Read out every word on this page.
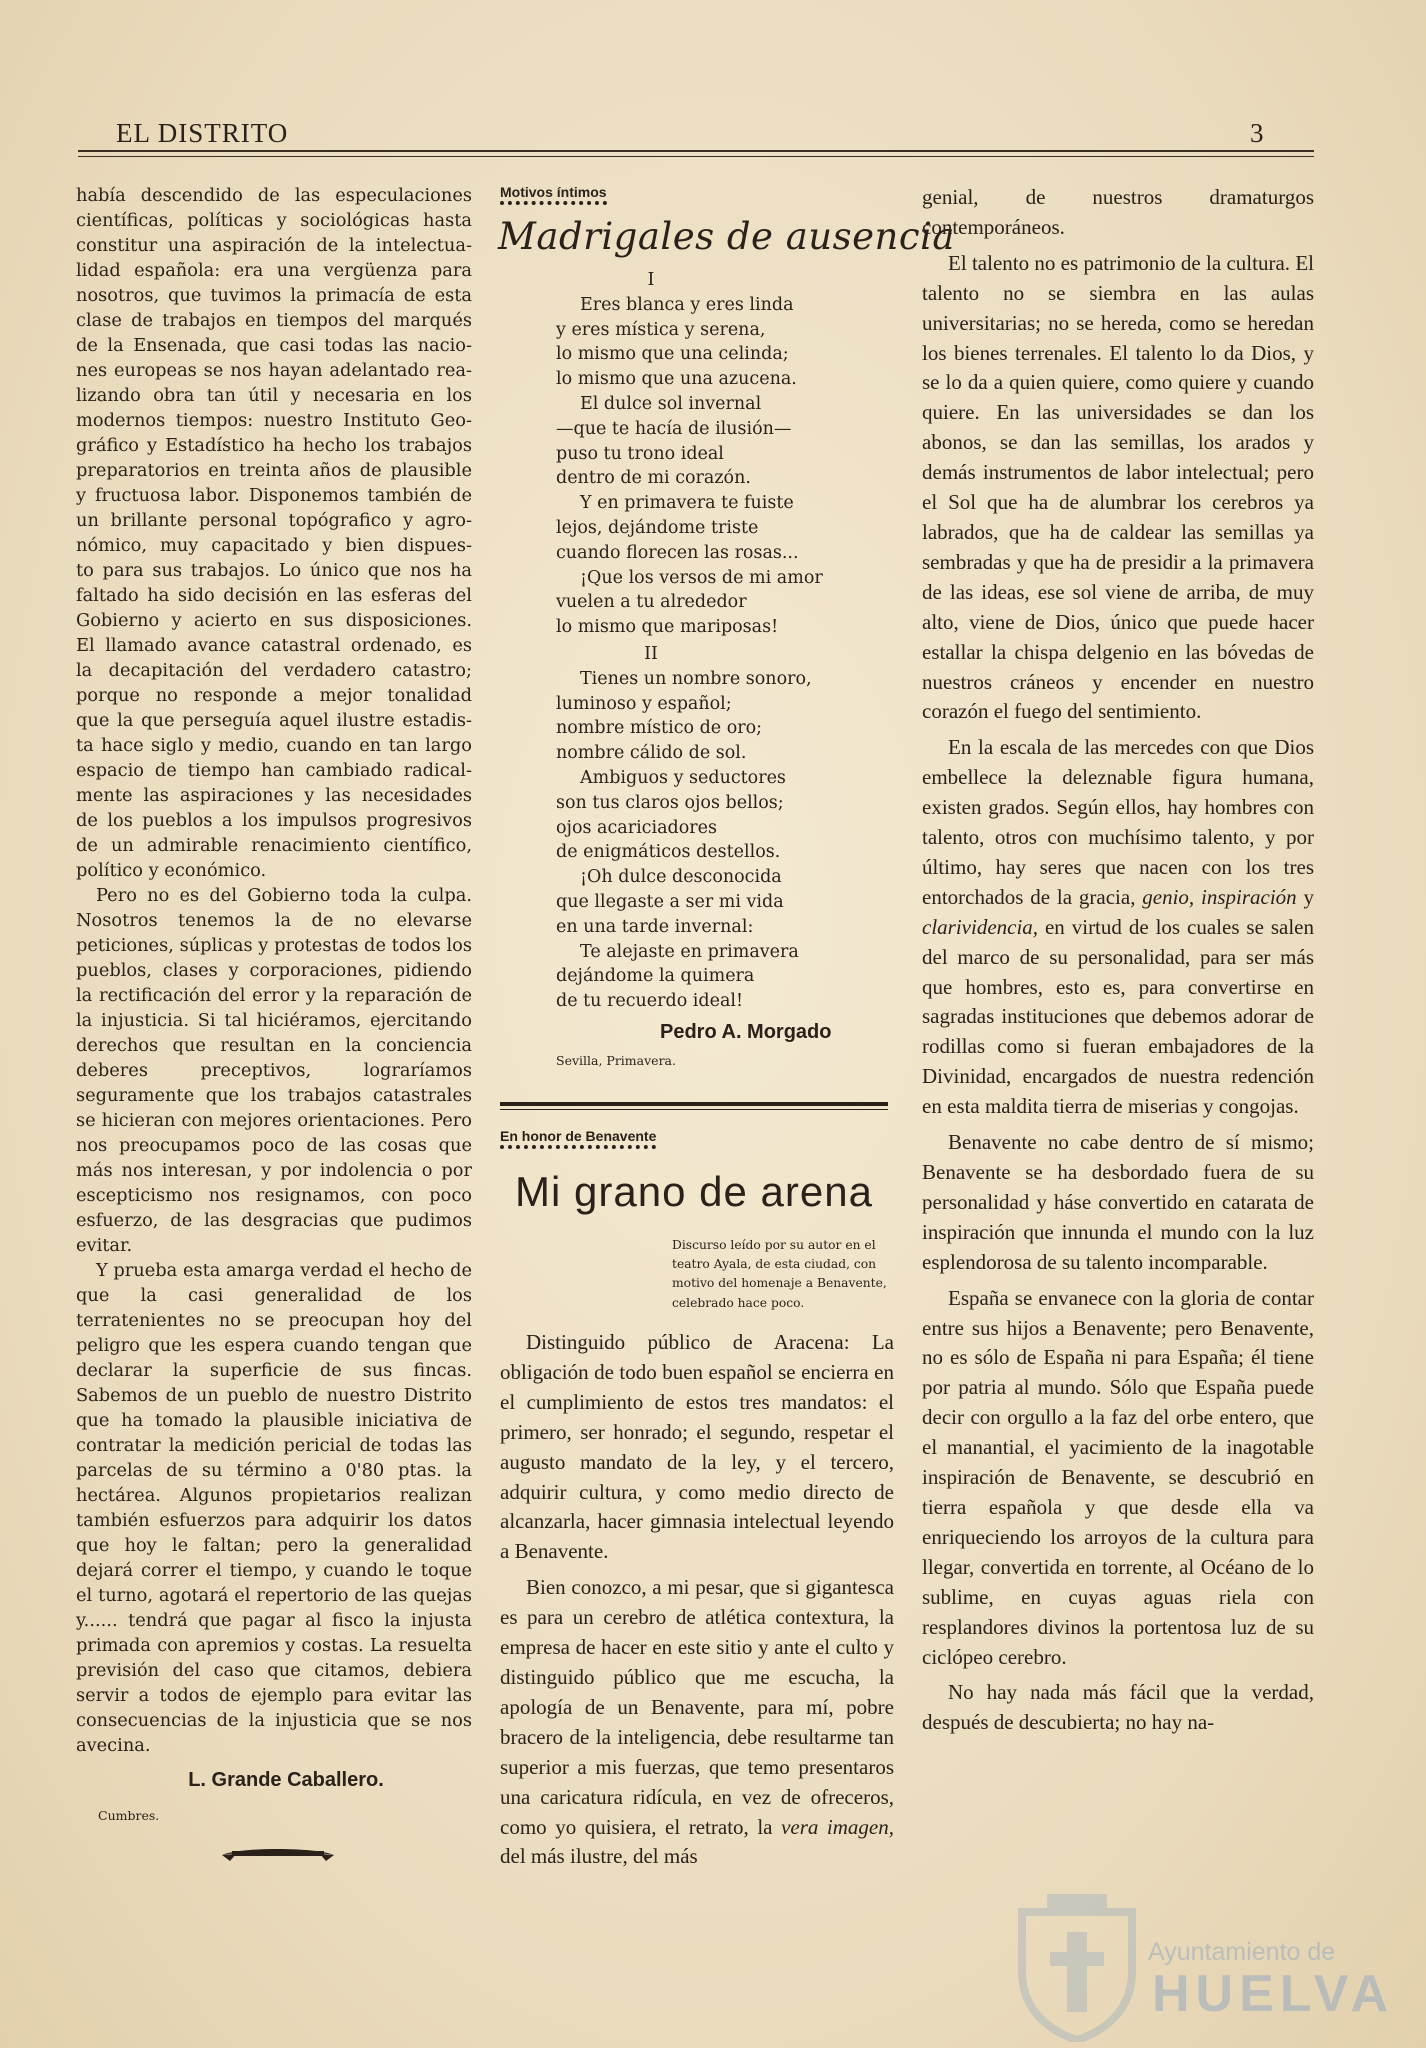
EL DISTRITO	3
había descendido de las especulaciones
científicas, políticas y sociológicas hasta
constitur una aspiración de la intelectua-
lidad española: era una vergüenza para
nosotros, que tuvimos la primacía de esta
clase de trabajos en tiempos del marqués
de la Ensenada, que casi todas las nacio-
nes europeas se nos hayan adelantado rea-
lizando obra tan útil y necesaria en los
modernos tiempos: nuestro Instituto Geo-
gráfico y Estadístico ha hecho los trabajos
preparatorios en treinta años de plausible
y fructuosa labor. Disponemos también de
un brillante personal topógrafico y agro-
nómico, muy capacitado y bien dispues-
to para sus trabajos. Lo único que nos ha
faltado ha sido decisión en las esferas del
Gobierno y acierto en sus disposiciones.
El llamado avance catastral ordenado, es
la decapitación del verdadero catastro;
porque no responde a mejor tonalidad
que la que perseguía aquel ilustre estadis-
ta hace siglo y medio, cuando en tan largo
espacio de tiempo han cambiado radical-
mente las aspiraciones y las necesidades
de los pueblos a los impulsos progresivos
de un admirable renacimiento científico,
político y económico.

Pero no es del Gobierno toda la culpa. Nosotros tenemos la de no elevarse peticiones, súplicas y protestas de todos los pueblos, clases y corporaciones, pidiendo la rectificación del error y la reparación de la injusticia. Si tal hiciéramos, ejercitando derechos que resultan en la conciencia deberes preceptivos, lograríamos seguramente que los trabajos catastrales se hicieran con mejores orientaciones. Pero nos preocupamos poco de las cosas que más nos interesan, y por indolencia o por escepticismo nos resignamos, con poco esfuerzo, de las desgracias que pudimos evitar.

Y prueba esta amarga verdad el hecho de que la casi generalidad de los terratenientes no se preocupan hoy del peligro que les espera cuando tengan que declarar la superficie de sus fincas. Sabemos de un pueblo de nuestro Distrito que ha tomado la plausible iniciativa de contratar la medición pericial de todas las parcelas de su término a 0'80 ptas. la hectárea. Algunos propietarios realizan también esfuerzos para adquirir los datos que hoy le faltan; pero la generalidad dejará correr el tiempo, y cuando le toque el turno, agotará el repertorio de las quejas y...... tendrá que pagar al fisco la injusta primada con apremios y costas. La resuelta previsión del caso que citamos, debiera servir a todos de ejemplo para evitar las consecuencias de la injusticia que se nos avecina.

L. Grande Caballero.
Cumbres.
Motivos íntimos
Madrigales de ausencia
I
Eres blanca y eres linda
y eres mística y serena,
lo mismo que una celinda;
lo mismo que una azucena.
El dulce sol invernal
—que te hacía de ilusión—
puso tu trono ideal
dentro de mi corazón.
Y en primavera te fuiste
lejos, dejándome triste
cuando florecen las rosas...
¡Que los versos de mi amor
vuelen a tu alrededor
lo mismo que mariposas!
II
Tienes un nombre sonoro,
luminoso y español;
nombre místico de oro;
nombre cálido de sol.
Ambiguos y seductores
son tus claros ojos bellos;
ojos acariciadores
de enigmáticos destellos.
¡Oh dulce desconocida
que llegaste a ser mi vida
en una tarde invernal:
Te alejaste en primavera
dejándome la quimera
de tu recuerdo ideal!
Pedro A. Morgado
Sevilla, Primavera.
En honor de Benavente
Mi grano de arena
Discurso leído por su autor en el teatro Ayala, de esta ciudad, con motivo del homenaje a Benavente, celebrado hace poco.

Distinguido público de Aracena: La obligación de todo buen español se encierra en el cumplimiento de estos tres mandatos: el primero, ser honrado; el segundo, respetar el augusto mandato de la ley, y el tercero, adquirir cultura, y como medio directo de alcanzarla, hacer gimnasia intelectual leyendo a Benavente.

Bien conozco, a mi pesar, que si gigantesca es para un cerebro de atlética contextura, la empresa de hacer en este sitio y ante el culto y distinguido público que me escucha, la apología de un Benavente, para mí, pobre bracero de la inteligencia, debe resultarme tan superior a mis fuerzas, que temo presentaros una caricatura ridícula, en vez de ofreceros, como yo quisiera, el retrato, la vera imagen, del más ilustre, del más

genial, de nuestros dramaturgos contemporáneos.

El talento no es patrimonio de la cultura. El talento no se siembra en las aulas universitarias; no se hereda, como se heredan los bienes terrenales. El talento lo da Dios, y se lo da a quien quiere, como quiere y cuando quiere. En las universidades se dan los abonos, se dan las semillas, los arados y demás instrumentos de labor intelectual; pero el Sol que ha de alumbrar los cerebros ya labrados, que ha de caldear las semillas ya sembradas y que ha de presidir a la primavera de las ideas, ese sol viene de arriba, de muy alto, viene de Dios, único que puede hacer estallar la chispa delgenio en las bóvedas de nuestros cráneos y encender en nuestro corazón el fuego del sentimiento.

En la escala de las mercedes con que Dios embellece la deleznable figura humana, existen grados. Según ellos, hay hombres con talento, otros con muchísimo talento, y por último, hay seres que nacen con los tres entorchados de la gracia, genio, inspiración y clarividencia, en virtud de los cuales se salen del marco de su personalidad, para ser más que hombres, esto es, para convertirse en sagradas instituciones que debemos adorar de rodillas como si fueran embajadores de la Divinidad, encargados de nuestra redención en esta maldita tierra de miserias y congojas.

Benavente no cabe dentro de sí mismo; Benavente se ha desbordado fuera de su personalidad y háse convertido en catarata de inspiración que innunda el mundo con la luz esplendorosa de su talento incomparable.

España se envanece con la gloria de contar entre sus hijos a Benavente; pero Benavente, no es sólo de España ni para España; él tiene por patria al mundo. Sólo que España puede decir con orgullo a la faz del orbe entero, que el manantial, el yacimiento de la inagotable inspiración de Benavente, se descubrió en tierra española y que desde ella va enriqueciendo los arroyos de la cultura para llegar, convertida en torrente, al Océano de lo sublime, en cuyas aguas riela con resplandores divinos la portentosa luz de su ciclópeo cerebro.

No hay nada más fácil que la verdad, después de descubierta; no hay na-

Ayuntamiento de
HUELVA
